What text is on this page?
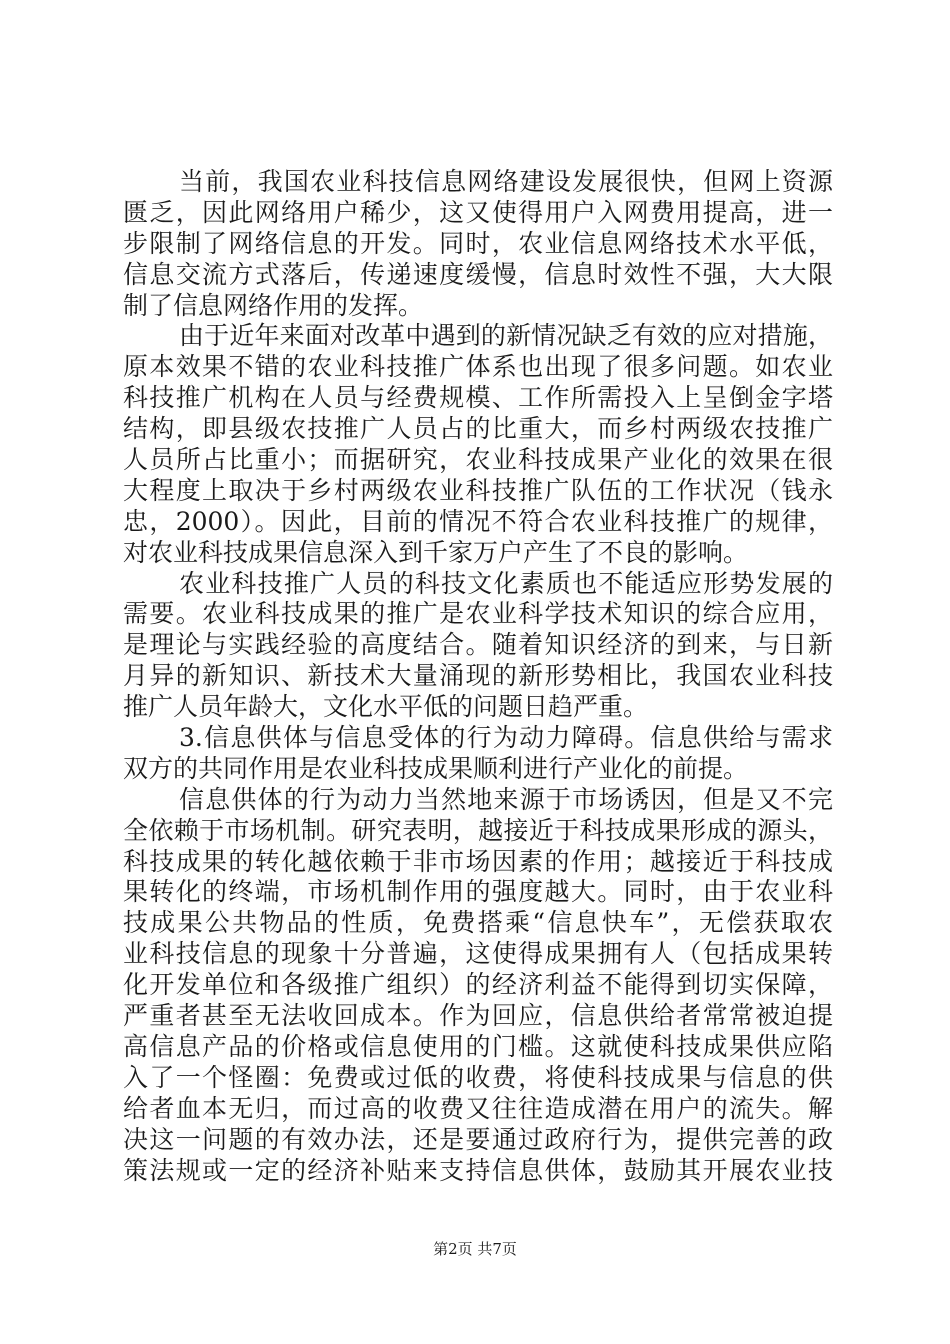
当前，我国农业科技信息网络建设发展很快，但网上资源
匮乏，因此网络用户稀少，这又使得用户入网费用提高，进一
步限制了网络信息的开发。同时，农业信息网络技术水平低，
信息交流方式落后，传递速度缓慢，信息时效性不强，大大限
制了信息网络作用的发挥。
由于近年来面对改革中遇到的新情况缺乏有效的应对措施，
原本效果不错的农业科技推广体系也出现了很多问题。如农业
科技推广机构在人员与经费规模、工作所需投入上呈倒金字塔
结构，即县级农技推广人员占的比重大，而乡村两级农技推广
人员所占比重小；而据研究，农业科技成果产业化的效果在很
大程度上取决于乡村两级农业科技推广队伍的工作状况（钱永
忠，2000）。因此，目前的情况不符合农业科技推广的规律，
对农业科技成果信息深入到千家万户产生了不良的影响。
农业科技推广人员的科技文化素质也不能适应形势发展的
需要。农业科技成果的推广是农业科学技术知识的综合应用，
是理论与实践经验的高度结合。随着知识经济的到来，与日新
月异的新知识、新技术大量涌现的新形势相比，我国农业科技
推广人员年龄大，文化水平低的问题日趋严重。
3.信息供体与信息受体的行为动力障碍。信息供给与需求
双方的共同作用是农业科技成果顺利进行产业化的前提。
信息供体的行为动力当然地来源于市场诱因，但是又不完
全依赖于市场机制。研究表明，越接近于科技成果形成的源头，
科技成果的转化越依赖于非市场因素的作用；越接近于科技成
果转化的终端，市场机制作用的强度越大。同时，由于农业科
技成果公共物品的性质，免费搭乘“信息快车”，无偿获取农
业科技信息的现象十分普遍，这使得成果拥有人（包括成果转
化开发单位和各级推广组织）的经济利益不能得到切实保障，
严重者甚至无法收回成本。作为回应，信息供给者常常被迫提
高信息产品的价格或信息使用的门槛。这就使科技成果供应陷
入了一个怪圈：免费或过低的收费，将使科技成果与信息的供
给者血本无归，而过高的收费又往往造成潜在用户的流失。解
决这一问题的有效办法，还是要通过政府行为，提供完善的政
策法规或一定的经济补贴来支持信息供体，鼓励其开展农业技
第2页 共7页
